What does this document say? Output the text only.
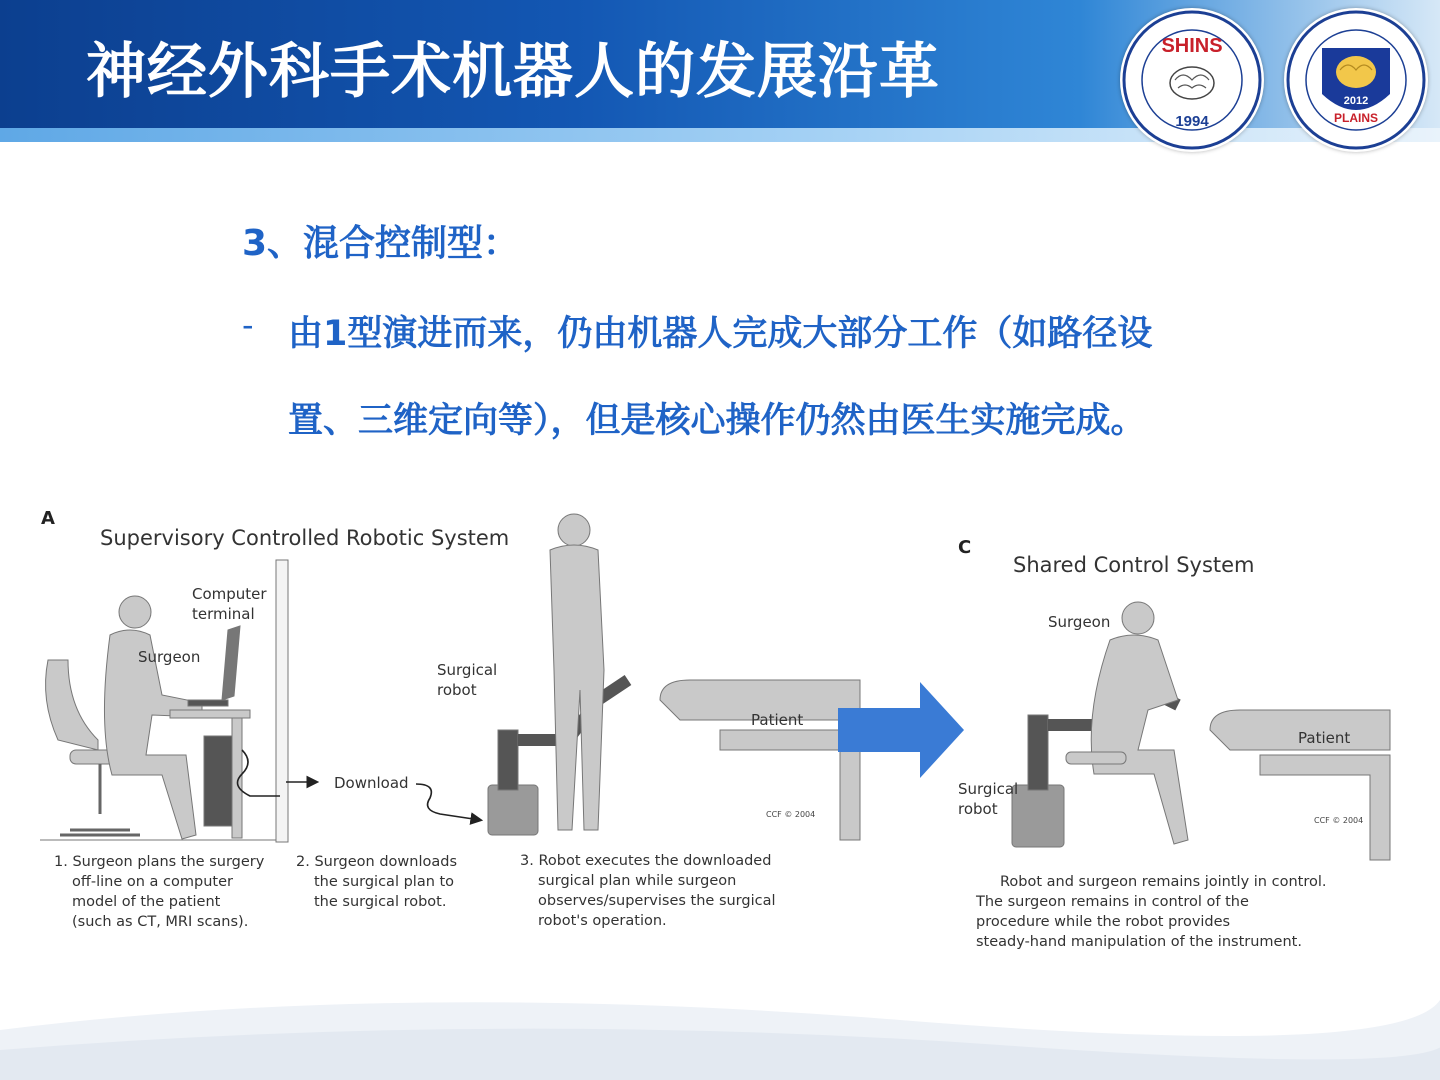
神经外科手术机器人的发展沿革	SHINS
1994
2012
PLAINS
3、混合控制型：
- 由1型演进而来，仍由机器人完成大部分工作（如路径设
置、三维定向等），但是核心操作仍然由医生实施完成。
A
Supervisory Controlled Robotic System
Computer
terminal
Surgeon
Surgical
robot
Patient
Download
CCF © 2004
1. Surgeon plans the surgery
off-line on a computer
model of the patient
(such as CT, MRI scans).
2. Surgeon downloads
the surgical plan to
the surgical robot.
3. Robot executes the downloaded
surgical plan while surgeon
observes/supervises the surgical
robot's operation.
C
Shared Control System
Surgeon
Patient
Surgical
robot
CCF © 2004
Robot and surgeon remains jointly in control.
The surgeon remains in control of the
procedure while the robot provides
steady-hand manipulation of the instrument.
